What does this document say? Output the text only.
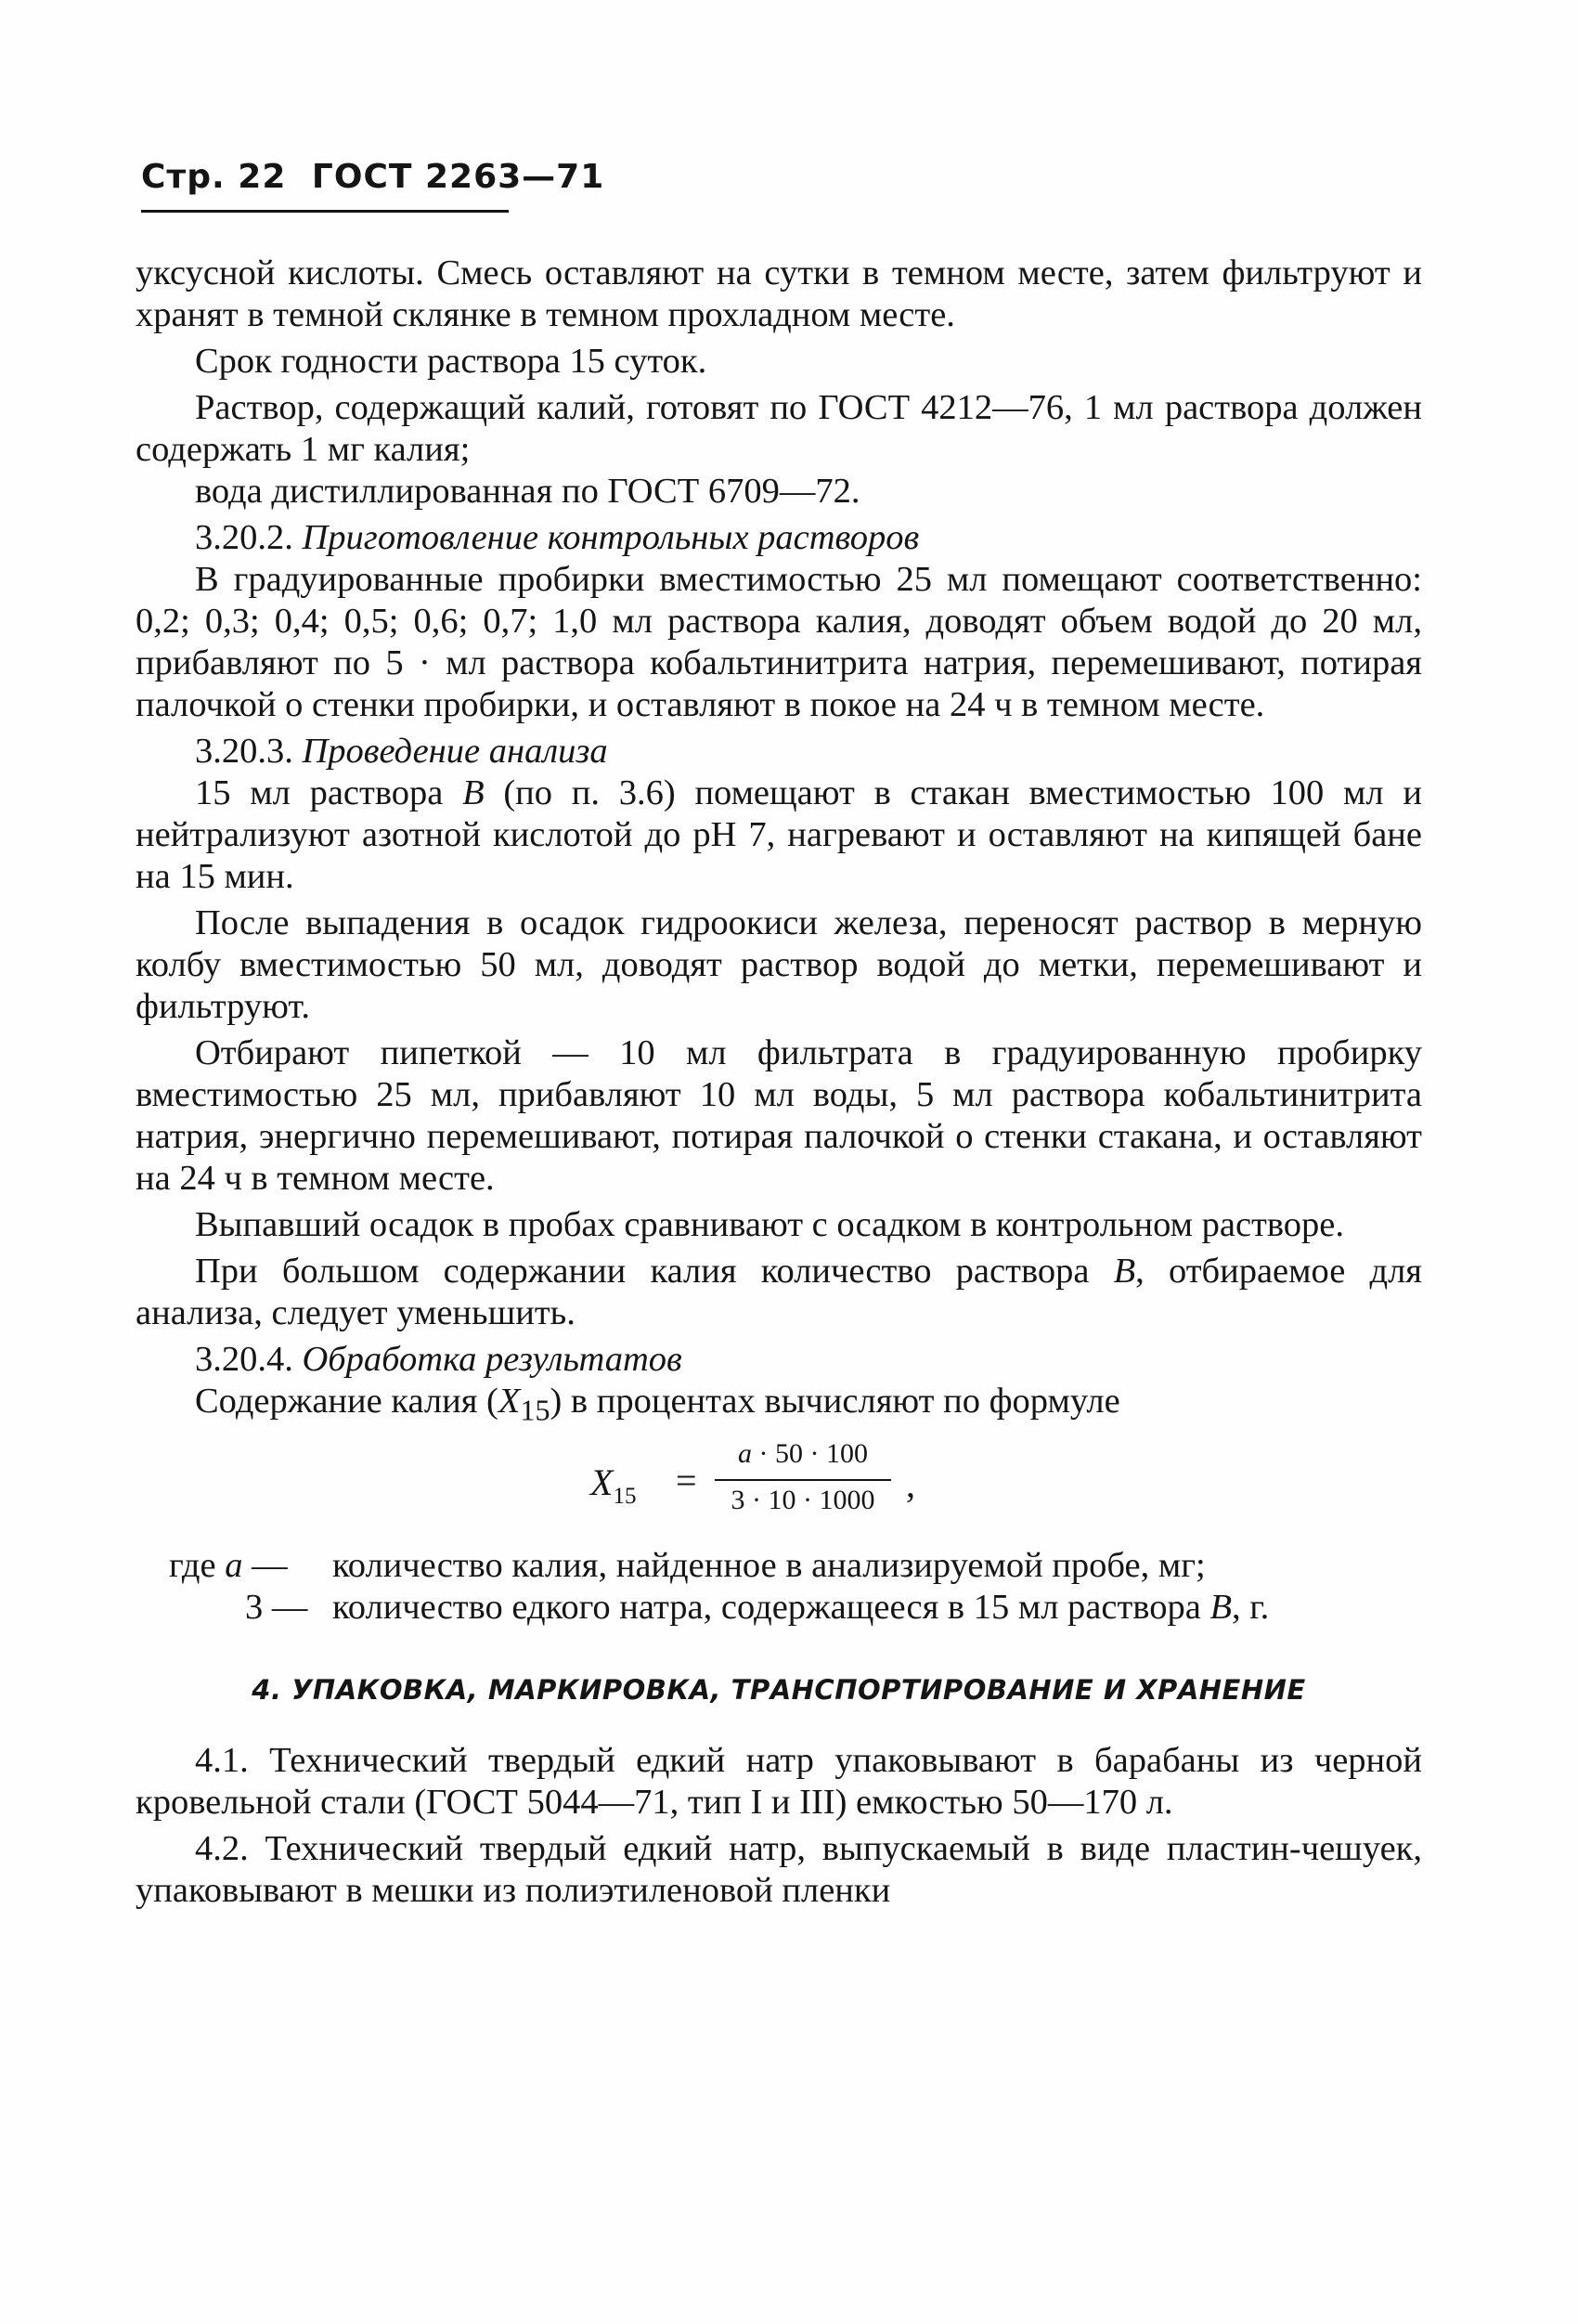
Стр. 22 ГОСТ 2263—71

уксусной кислоты. Смесь оставляют на сутки в темном месте, затем фильтруют и хранят в темной склянке в темном прохладном месте.

Срок годности раствора 15 суток.

Раствор, содержащий калий, готовят по ГОСТ 4212—76, 1 мл раствора должен содержать 1 мг калия;

вода дистиллированная по ГОСТ 6709—72.

3.20.2. Приготовление контрольных растворов

В градуированные пробирки вместимостью 25 мл помещают соответственно: 0,2; 0,3; 0,4; 0,5; 0,6; 0,7; 1,0 мл раствора калия, доводят объем водой до 20 мл, прибавляют по 5 · мл раствора кобальтинитрита натрия, перемешивают, потирая палочкой о стенки пробирки, и оставляют в покое на 24 ч в темном месте.

3.20.3. Проведение анализа

15 мл раствора B (по п. 3.6) помещают в стакан вместимостью 100 мл и нейтрализуют азотной кислотой до pH 7, нагревают и оставляют на кипящей бане на 15 мин.

После выпадения в осадок гидроокиси железа, переносят раствор в мерную колбу вместимостью 50 мл, доводят раствор водой до метки, перемешивают и фильтруют.

Отбирают пипеткой — 10 мл фильтрата в градуированную пробирку вместимостью 25 мл, прибавляют 10 мл воды, 5 мл раствора кобальтинитрита натрия, энергично перемешивают, потирая палочкой о стенки стакана, и оставляют на 24 ч в темном месте.

Выпавший осадок в пробах сравнивают с осадком в контрольном растворе.

При большом содержании калия количество раствора B, отбираемое для анализа, следует уменьшить.

3.20.4. Обработка результатов

Содержание калия $(X_{15})$ в процентах вычисляют по формуле

$X_{15}$ =
a · 50 · 100
3 · 10 · 1000 ,
где a — количество калия, найденное в анализируемой пробе, мг;
3 — количество едкого натра, содержащееся в 15 мл раствора B, г.
4. УПАКОВКА, МАРКИРОВКА, ТРАНСПОРТИРОВАНИЕ И ХРАНЕНИЕ

4.1. Технический твердый едкий натр упаковывают в барабаны из черной кровельной стали (ГОСТ 5044—71, тип I и III) емкостью 50—170 л.

4.2. Технический твердый едкий натр, выпускаемый в виде пластин-чешуек, упаковывают в мешки из полиэтиленовой пленки
